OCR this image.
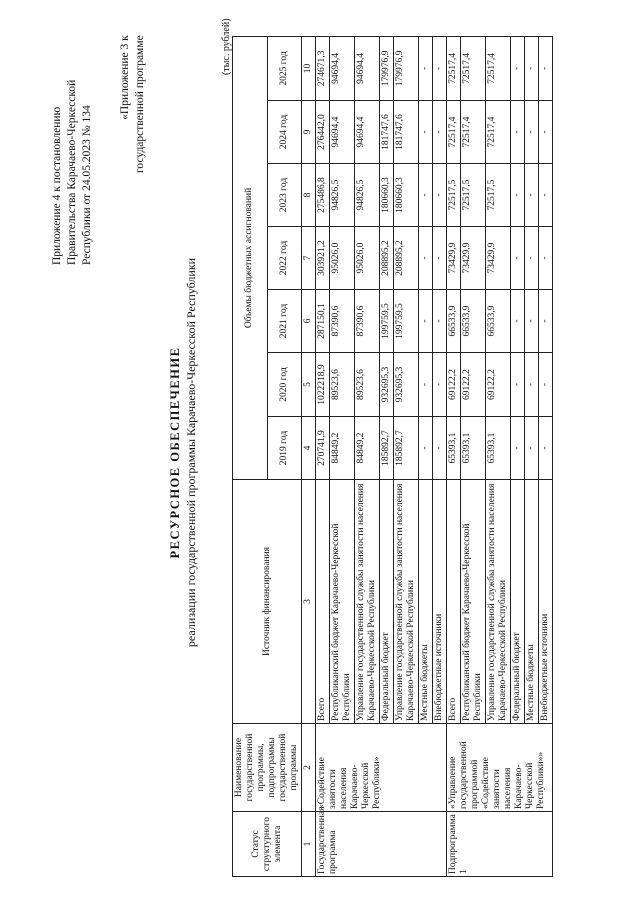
Приложение 4 к постановлению Правительства Карачаево-Черкесской Республики от 24.05.2023 № 134
«Приложение 3 к государственной программе
РЕСУРСНОЕ ОБЕСПЕЧЕНИЕ реализации государственной программы Карачаево-Черкесской Республики
(тыс. рублей)
Статус структурного элемента	Наименование государственной программы, подпрограммы государственной программы	Источник финансирования	Объемы бюджетных ассигнований						
			2019 год	2020 год	2021 год	2022 год	2023 год	2024 год	2025 год
1	2	3	4	5	6	7	8	9	10
Государственная программа	«Содействие занятости населения Карачаево-Черкесской Республики»	Всего	270741,9	1022218,9	287150,1	303921,2	275486,8	276442,0	274671,3
		Республиканский бюджет Карачаево-Черкесской Республики	84849,2	89523,6	87390,6	95026,0	94826,5	94694,4	94694,4
		Управление государственной службы занятости населения Карачаево-Черкесской Республики	84849,2	89523,6	87390,6	95026,0	94826,5	94694,4	94694,4
		Федеральный бюджет	185892,7	932695,3	199759,5	208895,2	180660,3	181747,6	179976,9
		Управление государственной службы занятости населения Карачаево-Черкесской Республики	185892,7	932695,3	199759,5	208895,2	180660,3	181747,6	179976,9
		Местные бюджеты	-	-	-	-	-	-	-
		Внебюджетные источники	-	-	-	-	-	-	-
Подпрограмма 1	«Управление государственной программой «Содействие занятости населения Карачаево-Черкесской Республики»»	Всего	65393,1	69122,2	66533,9	73429,9	72517,5	72517,4	72517,4
		Республиканский бюджет Карачаево-Черкесской Республики	65393,1	69122,2	66533,9	73429,9	72517,5	72517,4	72517,4
		Управление государственной службы занятости населения Карачаево-Черкесской Республики	65393,1	69122,2	66533,9	73429,9	72517,5	72517,4	72517,4
		Федеральный бюджет	-	-	-	-	-	-	-
		Местные бюджеты	-	-	-	-	-	-	-
		Внебюджетные источники	-	-	-	-	-	-	-
